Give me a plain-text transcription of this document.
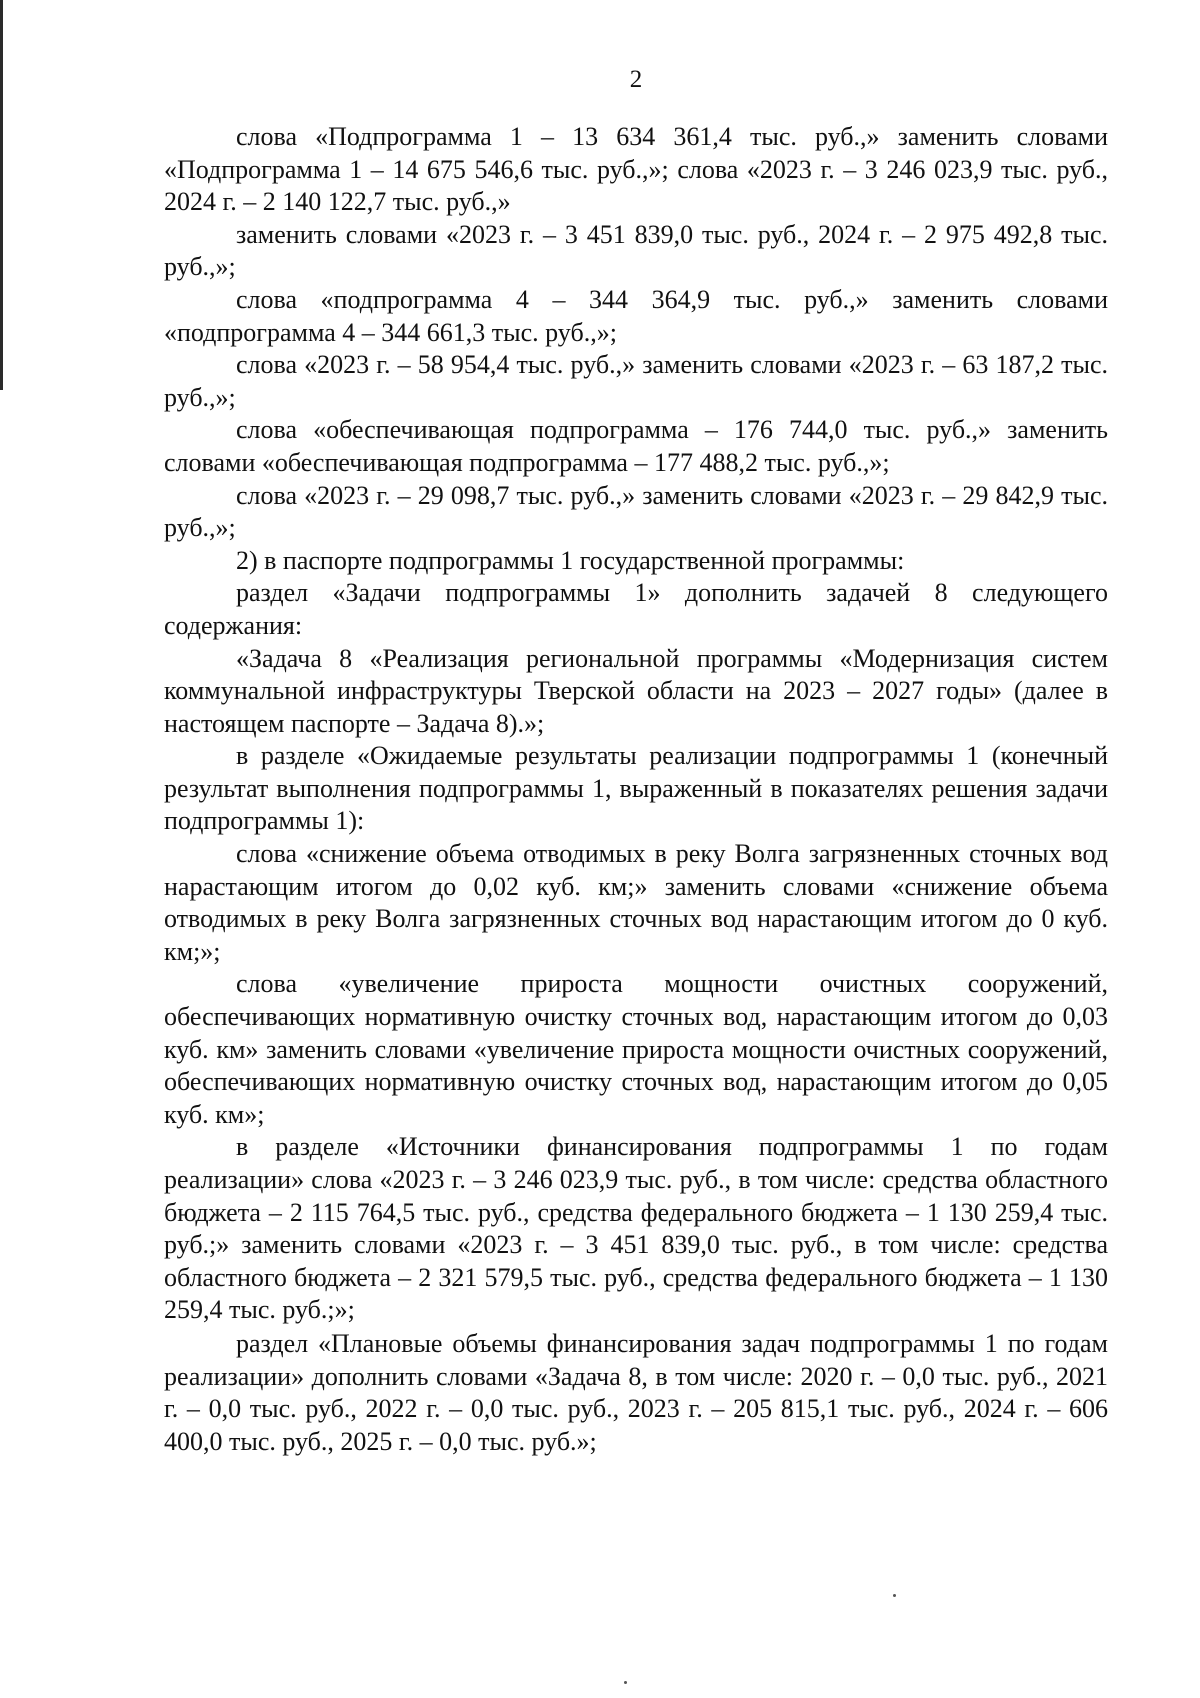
2

слова «Подпрограмма 1 – 13 634 361,4 тыс. руб.,» заменить словами «Подпрограмма 1 – 14 675 546,6 тыс. руб.,»; слова «2023 г. – 3 246 023,9 тыс. руб., 2024 г. – 2 140 122,7 тыс. руб.,»

заменить словами «2023 г. – 3 451 839,0 тыс. руб., 2024 г. – 2 975 492,8 тыс. руб.,»;

слова «подпрограмма 4 – 344 364,9 тыс. руб.,» заменить словами «подпрограмма 4 – 344 661,3 тыс. руб.,»;

слова «2023 г. – 58 954,4 тыс. руб.,» заменить словами «2023 г. – 63 187,2 тыс. руб.,»;

слова «обеспечивающая подпрограмма – 176 744,0 тыс. руб.,» заменить словами «обеспечивающая подпрограмма – 177 488,2 тыс. руб.,»;

слова «2023 г. – 29 098,7 тыс. руб.,» заменить словами «2023 г. – 29 842,9 тыс. руб.,»;

2) в паспорте подпрограммы 1 государственной программы:

раздел «Задачи подпрограммы 1» дополнить задачей 8 следующего содержания:

«Задача 8 «Реализация региональной программы «Модернизация систем коммунальной инфраструктуры Тверской области на 2023 – 2027 годы» (далее в настоящем паспорте – Задача 8).»;

в разделе «Ожидаемые результаты реализации подпрограммы 1 (конечный результат выполнения подпрограммы 1, выраженный в показателях решения задачи подпрограммы 1):

слова «снижение объема отводимых в реку Волга загрязненных сточных вод нарастающим итогом до 0,02 куб. км;» заменить словами «снижение объема отводимых в реку Волга загрязненных сточных вод нарастающим итогом до 0 куб. км;»;

слова «увеличение прироста мощности очистных сооружений, обеспечивающих нормативную очистку сточных вод, нарастающим итогом до 0,03 куб. км» заменить словами «увеличение прироста мощности очистных сооружений, обеспечивающих нормативную очистку сточных вод, нарастающим итогом до 0,05 куб. км»;

в разделе «Источники финансирования подпрограммы 1 по годам реализации» слова «2023 г. – 3 246 023,9 тыс. руб., в том числе: средства областного бюджета – 2 115 764,5 тыс. руб., средства федерального бюджета – 1 130 259,4 тыс. руб.;» заменить словами «2023 г. – 3 451 839,0 тыс. руб., в том числе: средства областного бюджета – 2 321 579,5 тыс. руб., средства федерального бюджета – 1 130 259,4 тыс. руб.;»;

раздел «Плановые объемы финансирования задач подпрограммы 1 по годам реализации» дополнить словами «Задача 8, в том числе: 2020 г. – 0,0 тыс. руб., 2021 г. – 0,0 тыс. руб., 2022 г. – 0,0 тыс. руб., 2023 г. – 205 815,1 тыс. руб., 2024 г. – 606 400,0 тыс. руб., 2025 г. – 0,0 тыс. руб.»;
